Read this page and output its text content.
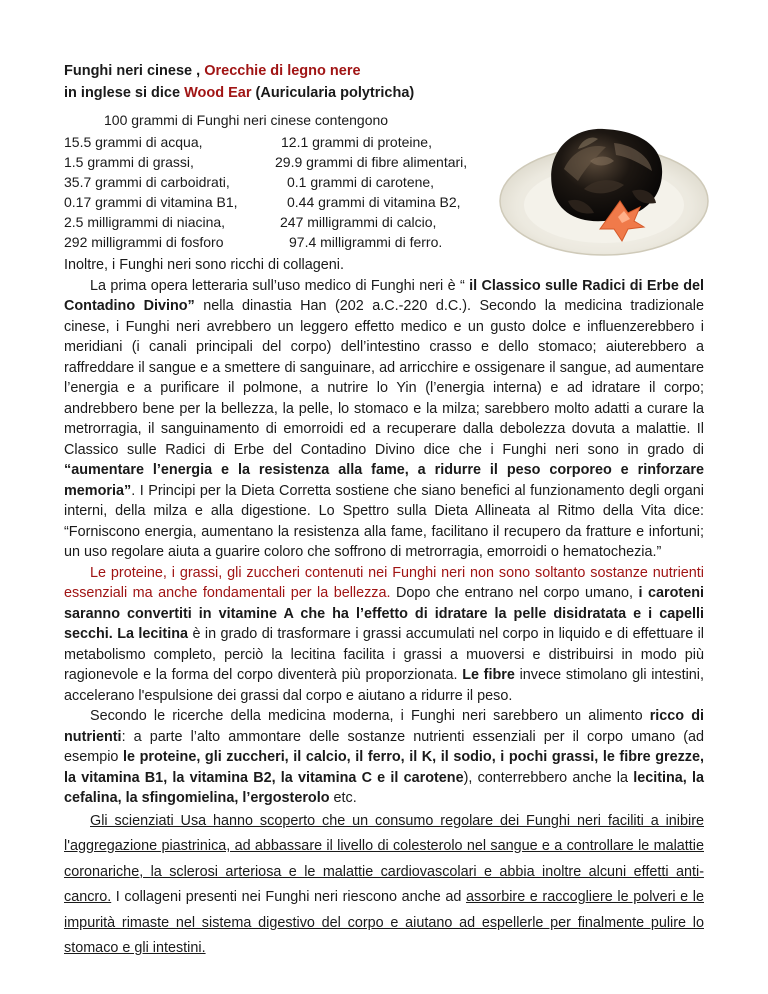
Funghi neri cinese , Orecchie di legno nere
in inglese si dice Wood Ear (Auricularia polytricha)
100 grammi di Funghi neri cinese contengono
15.5 grammi di acqua,
1.5 grammi di grassi,
35.7 grammi di carboidrati,
0.17 grammi di vitamina B1,
2.5 milligrammi di niacina,
292 milligrammi di fosforo
12.1 grammi di proteine,
29.9 grammi di fibre alimentari,
0.1 grammi di carotene,
0.44 grammi di vitamina B2,
247 milligrammi di calcio,
97.4 milligrammi di ferro.

Inoltre, i Funghi neri sono ricchi di collageni.

La prima opera letteraria sull’uso medico di Funghi neri è “ il Classico sulle Radici di Erbe del Contadino Divino” nella dinastia Han (202 a.C.-220 d.C.). Secondo la medicina tradizionale cinese, i Funghi neri avrebbero un leggero effetto medico e un gusto dolce e influenzerebbero i meridiani (i canali principali del corpo) dell’intestino crasso e dello stomaco; aiuterebbero a raffreddare il sangue e a smettere di sanguinare, ad arricchire e ossigenare il sangue, ad aumentare l’energia e a purificare il polmone, a nutrire lo Yin (l’energia interna) e ad idratare il corpo; andrebbero bene per la bellezza, la pelle, lo stomaco e la milza; sarebbero molto adatti a curare la metrorragia, il sanguinamento di emorroidi ed a recuperare dalla debolezza dovuta a malattie. Il Classico sulle Radici di Erbe del Contadino Divino dice che i Funghi neri sono in grado di “aumentare l’energia e la resistenza alla fame, a ridurre il peso corporeo e rinforzare memoria”. I Principi per la Dieta Corretta sostiene che siano benefici al funzionamento degli organi interni, della milza e alla digestione. Lo Spettro sulla Dieta Allineata al Ritmo della Vita dice: “Forniscono energia, aumentano la resistenza alla fame, facilitano il recupero da fratture e infortuni; un uso regolare aiuta a guarire coloro che soffrono di metrorragia, emorroidi o hematochezia.”

Le proteine, i grassi, gli zuccheri contenuti nei Funghi neri non sono soltanto sostanze nutrienti essenziali ma anche fondamentali per la bellezza. Dopo che entrano nel corpo umano, i caroteni saranno convertiti in vitamine A che ha l’effetto di idratare la pelle disidratata e i capelli secchi. La lecitina è in grado di trasformare i grassi accumulati nel corpo in liquido e di effettuare il metabolismo completo, perciò la lecitina facilita i grassi a muoversi e distribuirsi in modo più ragionevole e la forma del corpo diventerà più proporzionata. Le fibre invece stimolano gli intestini, accelerano l'espulsione dei grassi dal corpo e aiutano a ridurre il peso.

Secondo le ricerche della medicina moderna, i Funghi neri sarebbero un alimento ricco di nutrienti: a parte l’alto ammontare delle sostanze nutrienti essenziali per il corpo umano (ad esempio le proteine, gli zuccheri, il calcio, il ferro, il K, il sodio, i pochi grassi, le fibre grezze, la vitamina B1, la vitamina B2, la vitamina C e il carotene), conterrebbero anche la lecitina, la cefalina, la sfingomielina, l’ergosterolo etc.

Gli scienziati Usa hanno scoperto che un consumo regolare dei Funghi neri faciliti a inibire l'aggregazione piastrinica, ad abbassare il livello di colesterolo nel sangue e a controllare le malattie coronariche, la sclerosi arteriosa e le malattie cardiovascolari e abbia inoltre alcuni effetti anti-cancro. I collageni presenti nei Funghi neri riescono anche ad assorbire e raccogliere le polveri e le impurità rimaste nel sistema digestivo del corpo e aiutano ad espellerle per finalmente pulire lo stomaco e gli intestini.
